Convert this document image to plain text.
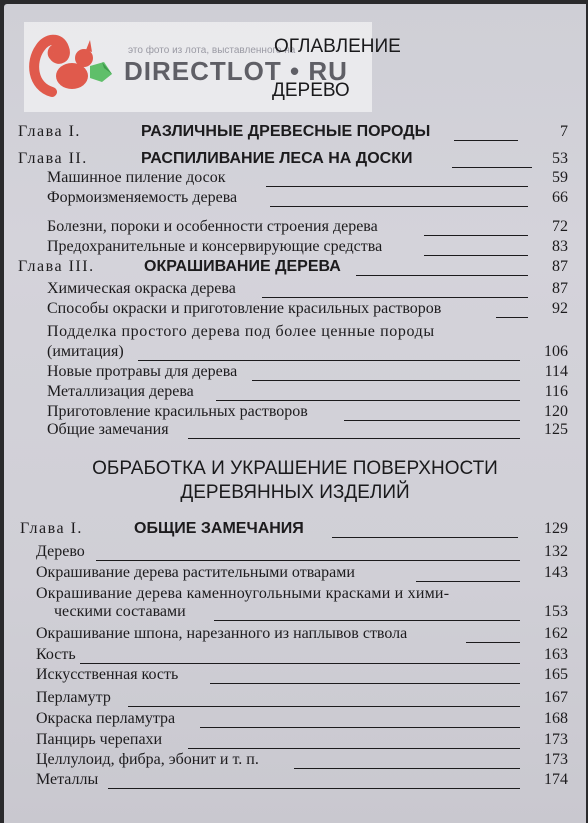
это фото из лота, выставленного на
DIRECTLOT • RU
ОГЛАВЛЕНИЕ
ДЕРЕВО
Глава I.	РАЗЛИЧНЫЕ ДРЕВЕСНЫЕ ПОРОДЫ	7
Глава II.	РАСПИЛИВАНИЕ ЛЕСА НА ДОСКИ	53
Машинное пиление досок	59
Формоизменяемость дерева	66
Болезни, пороки и особенности строения дерева	72
Предохранительные и консервирующие средства	83
Глава III.	ОКРАШИВАНИЕ ДЕРЕВА	87
Химическая окраска дерева	87
Способы окраски и приготовление красильных растворов	92
Подделка простого дерева под более ценные породы
(имитация)	106
Новые протравы для дерева	114
Металлизация дерева	116
Приготовление красильных растворов	120
Общие замечания	125
ОБРАБОТКА И УКРАШЕНИЕ ПОВЕРХНОСТИ
ДЕРЕВЯННЫХ ИЗДЕЛИЙ
Глава I.	ОБЩИЕ ЗАМЕЧАНИЯ	129
Дерево	132
Окрашивание дерева растительными отварами	143
Окрашивание дерева каменноугольными красками и хими-
ческими составами	153
Окрашивание шпона, нарезанного из наплывов ствола	162
Кость	163
Искусственная кость	165
Перламутр	167
Окраска перламутра	168
Панцирь черепахи	173
Целлулоид, фибра, эбонит и т. п.	173
Металлы	174
